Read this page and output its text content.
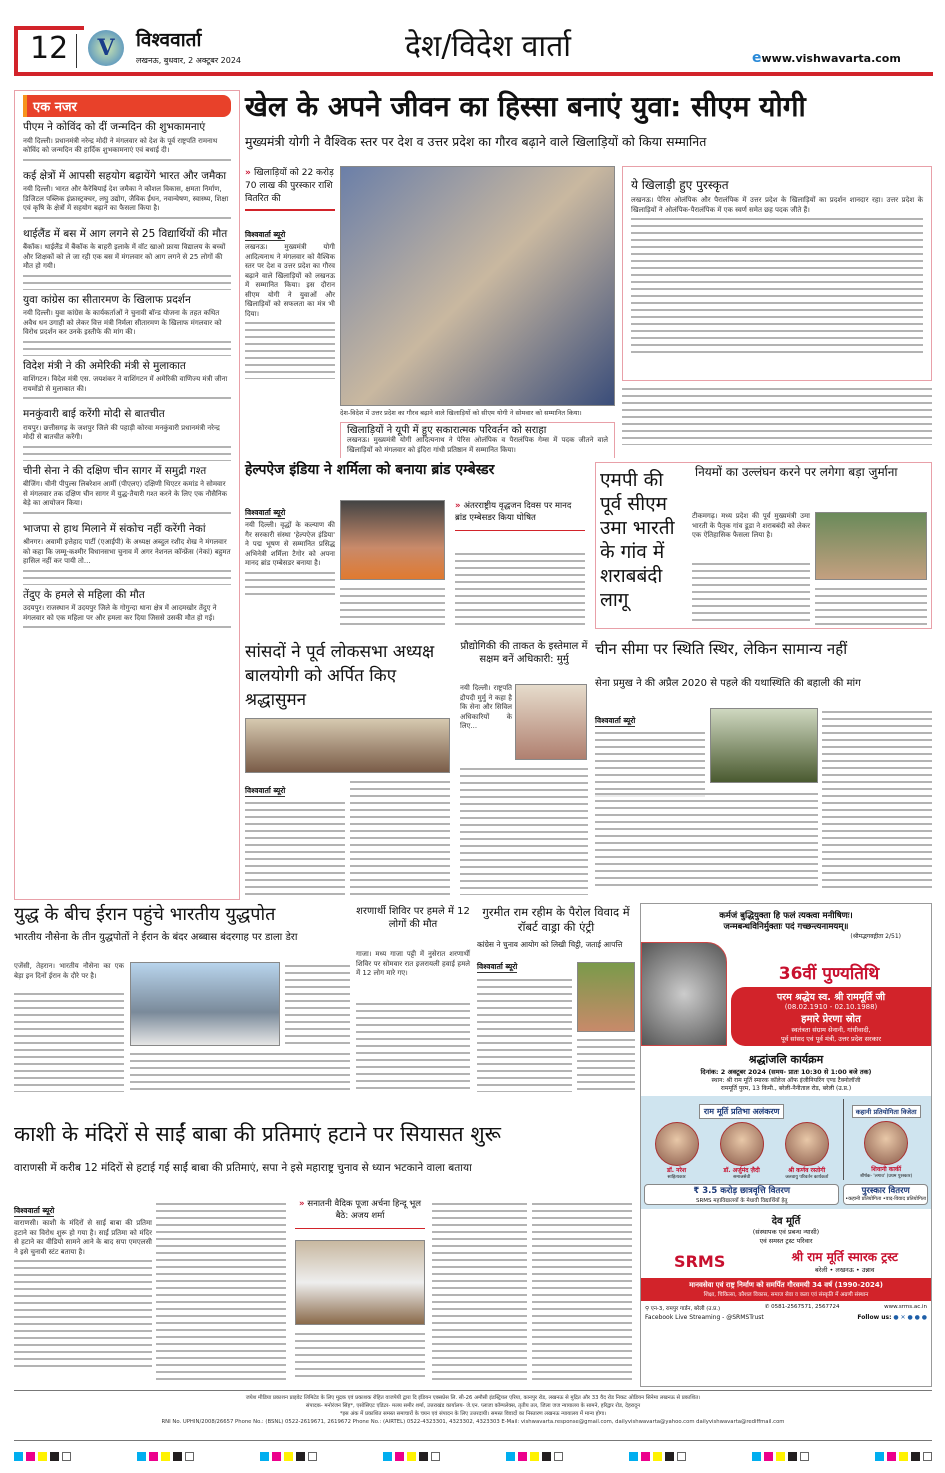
12	V	विश्ववार्ता
लखनऊ, बुधवार, 2 अक्टूबर 2024	देश/विदेश वार्ता	ewww.vishwavarta.com
एक नजर
पीएम ने कोविंद को दीं जन्मदिन की शुभकामनाएं
नयी दिल्ली। प्रधानमंत्री नरेन्द्र मोदी ने मंगलवार को देश के पूर्व राष्ट्रपति रामनाथ कोविंद को जन्मदिन की हार्दिक शुभकामनाएं एवं बधाई दी।
कई क्षेत्रों में आपसी सहयोग बढ़ायेंगे भारत और जमैका
नयी दिल्ली। भारत और कैरेबियाई देश जमैका ने कौशल विकास, क्षमता निर्माण, डिजिटल पब्लिक इंफ्रास्ट्रक्चर, लघु उद्योग, जैविक ईंधन, नवान्वेषण, स्वास्थ्य, शिक्षा एवं कृषि के क्षेत्रों में सहयोग बढ़ाने का फैसला किया है।
थाईलैंड में बस में आग लगने से 25 विद्यार्थियों की मौत
बैंकॉक। थाईलैंड में बैंकॉक के बाहरी इलाके में वॉट खाओ फ्राया विद्यालय के बच्चों और शिक्षकों को ले जा रही एक बस में मंगलवार को आग लगने से 25 लोगों की मौत हो गयी।
युवा कांग्रेस का सीतारमण के खिलाफ प्रदर्शन
नयी दिल्ली। युवा कांग्रेस के कार्यकर्ताओं ने चुनावी बॉन्ड योजना के तहत कथित अवैध धन उगाही को लेकर वित्त मंत्री निर्मला सीतारमण के खिलाफ मंगलवार को विरोध प्रदर्शन कर उनके इस्तीफे की मांग की।
विदेश मंत्री ने की अमेरिकी मंत्री से मुलाकात
वाशिंगटन। विदेश मंत्री एस. जयशंकर ने वाशिंगटन में अमेरिकी वाणिज्य मंत्री जीना रायमोंडो से मुलाकात की।
मनकुंवारी बाई करेंगी मोदी से बातचीत
रायपुर। छत्तीसगढ़ के जशपुर जिले की पहाड़ी कोरवा मनकुंवारी प्रधानमंत्री नरेन्द्र मोदी से बातचीत करेंगी।
चीनी सेना ने की दक्षिण चीन सागर में समुद्री गश्त
बीजिंग। चीनी पीपुल्स लिबरेशन आर्मी (पीएलए) दक्षिणी थिएटर कमांड ने सोमवार से मंगलवार तक दक्षिण चीन सागर में युद्ध-तैयारी गश्त करने के लिए एक नौसैनिक बेड़े का आयोजन किया।
भाजपा से हाथ मिलाने में संकोच नहीं करेंगी नेकां
श्रीनगर। अवामी इत्तेहाद पार्टी (एआईपी) के अध्यक्ष अब्दुल रशीद शेख ने मंगलवार को कहा कि जम्मू-कश्मीर विधानसभा चुनाव में अगर नेशनल कॉन्फ्रेंस (नेकां) बहुमत हासिल नहीं कर पायी तो...
तेंदुए के हमले से महिला की मौत
उदयपुर। राजस्थान में उदयपुर जिले के गोगुन्दा थाना क्षेत्र में आदमखोर तेंदुए ने मंगलवार को एक महिला पर और हमला कर दिया जिससे उसकी मौत हो गई।
खेल के अपने जीवन का हिस्सा बनाएं युवा: सीएम योगी
मुख्यमंत्री योगी ने वैश्विक स्तर पर देश व उत्तर प्रदेश का गौरव बढ़ाने वाले खिलाड़ियों को किया सम्मानित
» खिलाड़ियों को 22 करोड़ 70 लाख की पुरस्कार राशि वितरित की
विश्ववार्ता ब्यूरो
लखनऊ। मुख्यमंत्री योगी आदित्यनाथ ने मंगलवार को वैश्विक स्तर पर देश व उत्तर प्रदेश का गौरव बढ़ाने वाले खिलाड़ियों को लखनऊ में सम्मानित किया। इस दौरान सीएम योगी ने युवाओं और खिलाड़ियों को सफलता का मंत्र भी दिया।
देश-विदेश में उत्तर प्रदेश का गौरव बढ़ाने वाले खिलाड़ियों को सीएम योगी ने सोमवार को सम्मानित किया।
ये खिलाड़ी हुए पुरस्कृत
लखनऊ। पेरिस ओलंपिक और पैरालंपिक में उत्तर प्रदेश के खिलाड़ियों का प्रदर्शन शानदार रहा। उत्तर प्रदेश के खिलाड़ियों ने ओलंपिक-पैरालंपिक में एक स्वर्ण समेत छह पदक जीते हैं।
खिलाड़ियों ने यूपी में हुए सकारात्मक परिवर्तन को सराहा
लखनऊ। मुख्यमंत्री योगी आदित्यनाथ ने पेरिस ओलंपिक व पैरालंपिक गेम्स में पदक जीतने वाले खिलाड़ियों को मंगलवार को इंदिरा गांधी प्रतिष्ठान में सम्मानित किया।
हेल्पऐज इंडिया ने शर्मिला को बनाया ब्रांड एम्बेस्डर
विश्ववार्ता ब्यूरो
नयी दिल्ली। वृद्धों के कल्याण की गैर सरकारी संस्था 'हेल्पऐज इंडिया' ने पद्म भूषण से सम्मानित प्रसिद्ध अभिनेत्री शर्मिला टैगोर को अपना मानद ब्रांड एम्बेसडर बनाया है।
» अंतरराष्ट्रीय वृद्धजन दिवस पर मानद ब्रांड एम्बेसडर किया घोषित
एमपी की पूर्व सीएम उमा भारती के गांव में शराबबंदी लागू
नियमों का उल्लंघन करने पर लगेगा बड़ा जुर्माना
टीकमगढ़। मध्य प्रदेश की पूर्व मुख्यमंत्री उमा भारती के पैतृक गांव डूडा ने शराबबंदी को लेकर एक ऐतिहासिक फैसला लिया है।
सांसदों ने पूर्व लोकसभा अध्यक्ष बालयोगी को अर्पित किए श्रद्धासुमन
विश्ववार्ता ब्यूरो
प्रौद्योगिकी की ताकत के इस्तेमाल में सक्षम बनें अधिकारी: मुर्मु
नयी दिल्ली। राष्ट्रपति द्रौपदी मुर्मु ने कहा है कि सेना और सिविल अधिकारियों के लिए...
चीन सीमा पर स्थिति स्थिर, लेकिन सामान्य नहीं
सेना प्रमुख ने की अप्रैल 2020 से पहले की यथास्थिति की बहाली की मांग
विश्ववार्ता ब्यूरो
युद्ध के बीच ईरान पहुंचे भारतीय युद्धपोत
भारतीय नौसेना के तीन युद्धपोतों ने ईरान के बंदर अब्बास बंदरगाह पर डाला डेरा
एजेंसी, तेहरान। भारतीय नौसेना का एक बेड़ा इन दिनों ईरान के दौरे पर है।
शरणार्थी शिविर पर हमले में 12 लोगों की मौत
गाजा। मध्य गाजा पट्टी में नुसेरात शरणार्थी शिविर पर सोमवार रात इजरायली हवाई हमले में 12 लोग मारे गए।
गुरमीत राम रहीम के पैरोल विवाद में रॉबर्ट वाड्रा की एंट्री
कांग्रेस ने चुनाव आयोग को लिखी चिट्ठी, जताई आपत्ति
विश्ववार्ता ब्यूरो
कर्मजं बुद्धियुक्ता हि फलं त्यक्त्वा मनीषिणः।
जन्मबन्धविनिर्मुक्ताः पदं गच्छन्त्यनामयम्॥
(श्रीमद्भगवद्गीता 2/51)
36वीं पुण्यतिथि
परम श्रद्धेय स्व. श्री राममूर्ति जी
(08.02.1910 - 02.10.1988)
हमारे प्रेरणा स्रोत
स्वतंत्रता संग्राम सेनानी, गांधीवादी,
पूर्व सांसद एवं पूर्व मंत्री, उत्तर प्रदेश सरकार
श्रद्धांजलि कार्यक्रम
दिनांक: 2 अक्टूबर 2024 (समय- प्रातः 10:30 से 1:00 बजे तक)
स्थान: श्री राम मूर्ति स्मारक कॉलेज ऑफ इंजीनियरिंग एण्ड टैक्नोलॉजी
राममूर्ति पुरम, 13 किमी., बरेली-नैनीताल रोड, बरेली (उ.प्र.)
राम मूर्ति प्रतिभा अलंकरण
डॉ. नरेश
साहित्यकार
डॉ. अर्जुमंद ज़ैदी
समाजसेवी
श्री कर्णव रस्तोगी
जलवायु परिवर्तन कार्यकर्ता
कहानी प्रतियोगिता विजेता
शिवानी कार्की
शीर्षक- 'लगाव' (प्रथम पुरस्कार)
₹ 3.5 करोड़ छात्रवृत्ति वितरण
SRMS महाविद्यालयों के मेधावी विद्यार्थियों हेतु
पुरस्कार वितरण
•कहानी प्रतियोगिता •वाद-विवाद प्रतियोगिता
देव मूर्ति
(संस्थापक एवं प्रबन्ध न्यासी)
एवं समस्त ट्रस्ट परिवार
SRMS	श्री राम मूर्ति स्मारक ट्रस्ट
बरेली • लखनऊ • उन्नाव
मानवसेवा एवं राष्ट्र निर्माण को समर्पित गौरवमयी 34 वर्ष (1990-2024)
शिक्षा, चिकित्सा, कौशल विकास, समाज सेवा व कला एवं संस्कृति में अग्रणी संस्थान
⚲ एन-3, रामपुर गार्डन, बरेली (उ.प्र.)	✆ 0581-2567571, 2567724	www.srms.ac.in
Facebook Live Streaming - @SRMSTrust	Follow us: ● ✕ ● ● ●
काशी के मंदिरों से साईं बाबा की प्रतिमाएं हटाने पर सियासत शुरू
वाराणसी में करीब 12 मंदिरों से हटाई गई साईं बाबा की प्रतिमाएं, सपा ने इसे महाराष्ट्र चुनाव से ध्यान भटकाने वाला बताया
विश्ववार्ता ब्यूरो
वाराणसी। काशी के मंदिरों से साईं बाबा की प्रतिमा हटाने का विरोध शुरू हो गया है। साईं प्रतिमा को मंदिर से हटाने का वीडियो सामने आने के बाद सपा एमएलसी ने इसे चुनावी स्टंट बताया है।
» सनातनी वैदिक पूजा अर्चना हिन्दू भूल बैठे: अजय शर्मा
जयेश मीडिया प्रकाशन प्राइवेट लिमिटेड के लिए मुद्रक एवं प्रकाशक रोहित वाजपेयी द्वारा दि इंडियन एक्सप्रेस लि. सी-26 अमौसी इंडस्ट्रियल एरिया, कानपुर रोड, लखनऊ से मुद्रित और 33 वैद रोड निकट ओडियन सिनेमा लखनऊ से प्रकाशित।
संपादक- मनोरंजन सिंह*, एसोसिएट एडिटर- मलय समीर शर्मा, उत्तराखंड कार्यालय- जे.एन. प्लाजा कॉम्पलेक्स, तृतीय तल, जिला जज न्यायालय के सामने, हरिद्वार रोड, देहरादून
*इस अंक में प्रकाशित समस्त समाचारों के चयन एवं संपादन के लिए उत्तरदायी। समस्त विवादों का निस्तारण लखनऊ न्यायालय में मान्य होगा।
RNI No. UPHIN/2008/26657 Phone No.: (BSNL) 0522-2619671, 2619672 Phone No.: (AIRTEL) 0522-4323301, 4323302, 4323303 E-Mail: vishwavarta.response@gmail.com, dailyvishwavarta@yahoo.com dailyvishwavarta@rediffmail.com
